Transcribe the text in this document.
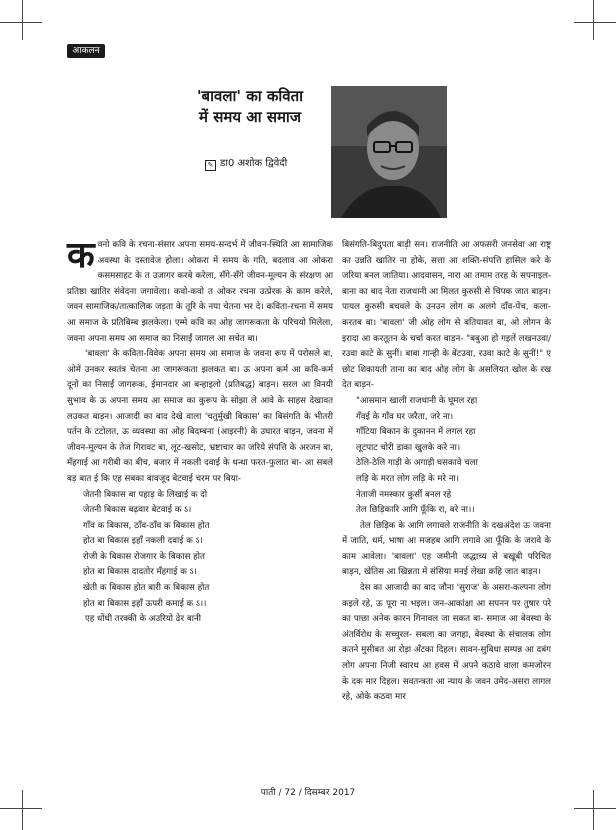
आकलन
'बावला' का कविता
में समय आ समाज
✎ डा0 अशोक द्विवेदी

कवनो कवि के रचना-संसार अपना समय-सन्दर्भ में जीवन-स्थिति आ सामाजिक अवस्था के दस्तावेज होला। ओकरा में समय के गति, बदलाव आ ओकरा कसमसाहट के त उजागर करबे करेला, सँगे-सँगे जीवन-मूल्यन के संरक्षण आ प्रतिष्ठा खातिर संवेदना जगावेला। कवो-कवो त ओकर रचना उत्प्रेरक के काम करेले, जवन सामाजिक/तात्कालिक जड़ता के तूरि के नया चेतना भर दे। कविता-रचना में समय आ समाज के प्रतिबिम्ब झलकेला। एम्मे कवि का ओह जागरूकता के परिचयो मिलेला, जवना अपना समय आ समाज का निसाईं जागल आ सचेत बा।

'बावला' के कविता-विवेक अपना समय आ समाज के जवना रूप में परोसले बा, ओमें उनकर स्वतंत्र चेतना आ जागरूकता झलकत बा। ऊ अपना कर्म आ कवि-कर्म दूनों का निसाईं जागरूक, ईमानदार आ बन्हाइलो (प्रतिबद्ध) बाड़न। सरल आ विनयी सुभाव के ऊ अपना समय आ समाज का कुरूप के सोझा ले आवे के साहस देखावत लउकत बाड़न। आजादी का बाद देखे वाला 'चतुर्मुखी बिकास' का बिसंगति के भीतरी पर्तन के टटोलत, ऊ व्यवस्था का ओह बिदम्बना (आइरनी) के उघारत बाड़न, जवना में जीवन-मूल्यन के तेज गिरावट बा, लूट-खसोट, भ्रष्टाचार का जरिये संपत्ति के अरजन बा, मँहगाई आ गरीबी का बीच, बजार में नकली दवाई के धन्धा फरत-फुलात बा- आ सबले बड़ बात ई कि एह सबका बावजूद बेटवाई चरम पर बिया-

जेतनी बिकास बा पहाड़ के लिखाई क दो
जेतनी बिकास बढ़वार बेटवाई क ऽ।
गाँव क बिकास, ठाँव-ठाँव क बिकास होत
होत बा बिकास इहाँ नकली दवाई क ऽ।
रोजी के बिकास रोजगार के बिकास होत
होत बा बिकास दादतोर मँहगाई क ऽ।
खेती क बिकास होत बारी क बिकास होत
होत बा बिकास इहाँ ऊपरी कमाई क ऽ।।

एह धोंधी तरक्की के अउरियो ढेर बानी

बिसंगति-बिदुपता बाड़ी सन। राजनीति आ अफसरी जनसेवा आ राष्ट्र का उन्नति खातिर ना होके, सत्ता आ शक्ति-संपत्ति हासिल करे के जरिया बनल जातिया। आदवासन, नारा आ तमाम तरह के सपनाइल-बाना का बाद नेता राजधानी आ मिलत कुरुसी से चिपक जात बाड़न। पायल कुरुसी बचवले के उनउन लोग क अलगे दाँव-पेंच, कला-करतब बा। 'बावला' जी ओह लोग से बतियावत बा, ओ लोगन के इरादा आ करतूतन के चर्चा करत बाड़न- "बबुआ हो गइलें लखनउवा/रउवा काटे के सुनीं। बाबा गान्ही के बेंटउवा, रउवा काटे के सुनीं!" ए छोट शिकायती ताना का बाद ओह लोग के असलियत खोल के रख देत बाड़न-

"आसमान खाली राजधानी के घूमल रहा
गँवई के गाँव घर जरैता, जरे ना।
गाँटिया बिकान के दुकानन में लगल रहा
लूटपाट चोरी डाका खुलके करे ना।
ठेलि-ठेलि गाड़ी के अगाड़ी घसकावे चला
लड़ि के मरत लोग लड़ि के मरे ना।
नेताजी नमस्कार कुर्सी बनल रहे
तेल छिड़िकारि आगि फूँकि रा, बरे ना।।

तेल छिड़िक के आगि लगावले राजनीति के दखअंदेश ऊ जवना में जाति, धर्म, भाषा आ मजहब आगि लगावे आ फूँकि के जरावे के काम आवेला। 'बावला' एह जमीनी जद्धाच्य से बखूबी परिचित बाड़न, खेतिस आ खिन्नता में संसिया मनई लेखा कहि जात बाड़न।

देस का आजादी का बाद जौना 'सुराज' के असरा-कल्पना लोग कइले रहे, ऊ पूरा ना भइल। जन-आकांक्षा आ सपनन पर तुषार परे का पाछा अनेक कारन गिनावल जा सकत बा- समाज आ बेवस्था के अंतर्विरोध के सच्चुरल- सबला का जगहा, बेवस्था के संचालक लोग कतने मुसीबत आ रोड़ा अँटका दिहल। सावन-सुबिधा सम्पन्न आ दबंग लोग अपना निजी स्वारथ आ हवस में अपने कठावे वाला कमजोरन के दक मार दिहल। सवतन्त्रता आ न्याय के जवन उमेद-असरा लागल रहे, ओके कठवा मार

पाती / 72 / दिसम्बर 2017
